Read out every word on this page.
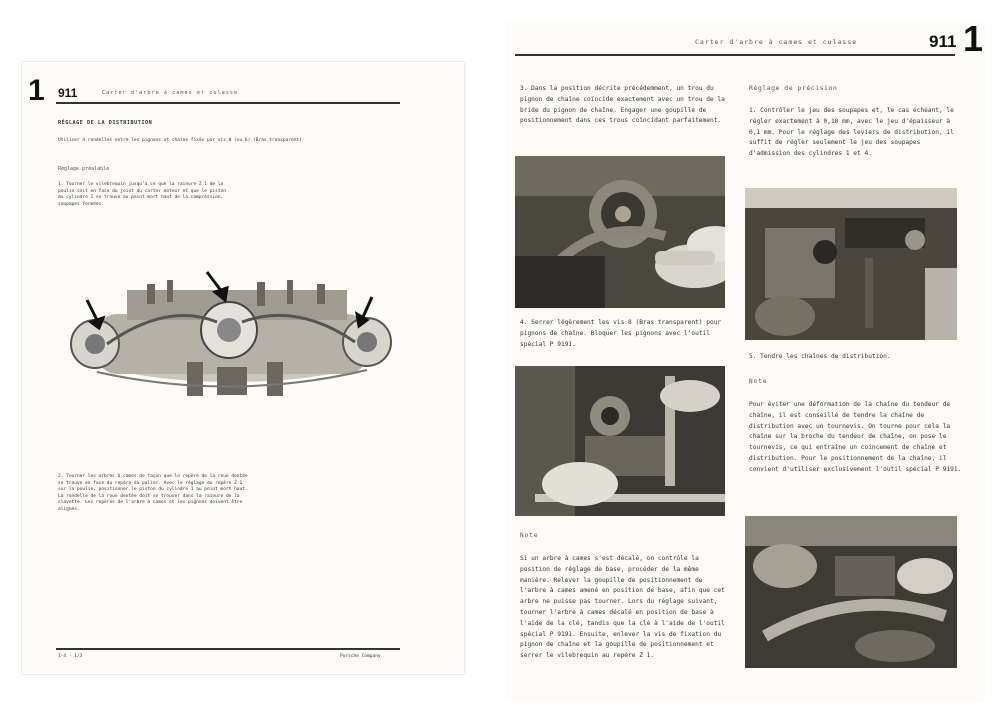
1 911	Carter d'arbre à cames et culasse
RÉGLAGE DE LA DISTRIBUTION
Utiliser 4 rondelles entre les pignons et chaîne fixés par vis 8 (ou 6) (Bras transparent)
Réglage préalable
1. Tourner le vilebrequin jusqu'à ce que la rainure Z 1 de la poulie soit en face du joint du carter moteur et que le piston du cylindre 1 se trouve au point mort haut de la compression, soupapes fermées.
2. Tourner les arbres à cames de façon que le repère de la roue dentée se trouve en face du repère du palier. Avec le réglage du repère Z 1 sur la poulie, positionner le piston du cylindre 1 au point mort haut. La rondelle de la roue dentée doit se trouver dans la rainure de la clavette. Les repères de l'arbre à cames et les pignons doivent être alignés.
1-4 · 1/3	Porsche Company
Carter d'arbre à cames et culasse	911 1
3. Dans la position décrite précédemment, un trou du pignon de chaîne coïncide exactement avec un trou de la bride du pignon de chaîne. Engager une goupille de positionnement dans ces trous coïncidant parfaitement.
4. Serrer légèrement les vis 8 (Bras transparent) pour pignons de chaîne. Bloquer les pignons avec l'outil spécial P 9191.
Note
Si un arbre à cames s'est décalé, on contrôle la position de réglage de base, procéder de la même manière. Relever la goupille de positionnement de l'arbre à cames amené en position de base, afin que cet arbre ne puisse pas tourner. Lors du réglage suivant, tourner l'arbre à cames décalé en position de base à l'aide de la clé, tandis que la clé à l'aide de l'outil spécial P 9191. Ensuite, enlever la vis de fixation du pignon de chaîne et la goupille de positionnement et serrer le vilebrequin au repère Z 1.
Réglage de précision
1. Contrôler le jeu des soupapes et, le cas échéant, le régler exactement à 0,10 mm, avec le jeu d'épaisseur à 0,1 mm. Pour le réglage des leviers de distribution, il suffit de régler seulement le jeu des soupapes d'admission des cylindres 1 et 4.
5. Tendre les chaînes de distribution.
Note
Pour éviter une déformation de la chaîne du tendeur de chaîne, il est conseillé de tendre la chaîne de distribution avec un tournevis. On tourne pour cela la chaîne sur la broche du tendeur de chaîne, on pose le tournevis, ce qui entraîne un coincement de chaîne et distribution. Pour le positionnement de la chaîne, il convient d'utiliser exclusivement l'outil spécial P 9191.
